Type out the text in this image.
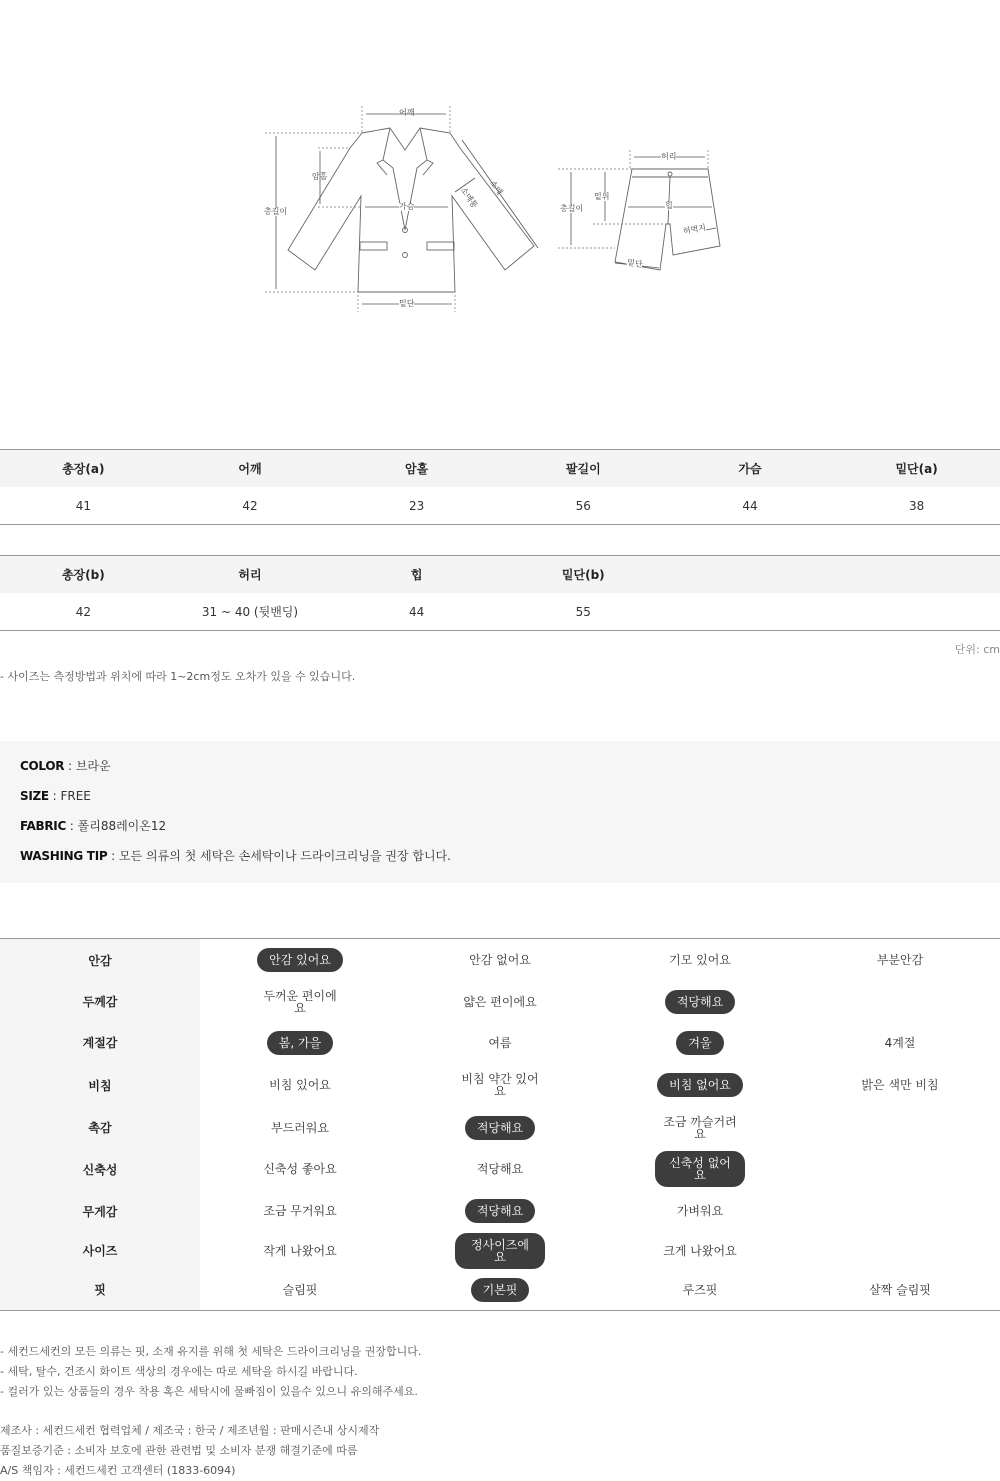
어깨
암홀
소매
소매통
가슴
총길이
밑단
허리
밑위
힙
총길이
허벅지
밑단
총장(a)	어깨	암홀	팔길이	가슴	밑단(a)
41	42	23	56	44	38
총장(b)	허리	힙	밑단(b)
42	31 ~ 40 (뒷밴딩)	44	55
단위: cm
- 사이즈는 측정방법과 위치에 따라 1~2cm정도 오차가 있을 수 있습니다.
COLOR : 브라운
SIZE : FREE
FABRIC : 폴리88레이온12
WASHING TIP : 모든 의류의 첫 세탁은 손세탁이나 드라이크리닝을 권장 합니다.
안감	안감 있어요	안감 없어요	기모 있어요	부분안감
두께감	두꺼운 편이에요	얇은 편이에요	적당해요
계절감	봄, 가을	여름	겨울	4계절
비침	비침 있어요	비침 약간 있어요	비침 없어요	밝은 색만 비침
촉감	부드러워요	적당해요	조금 까슬거려요
신축성	신축성 좋아요	적당해요	신축성 없어요
무게감	조금 무거워요	적당해요	가벼워요
사이즈	작게 나왔어요	정사이즈에요	크게 나왔어요
핏	슬림핏	기본핏	루즈핏	살짝 슬림핏
- 세컨드세컨의 모든 의류는 핏, 소재 유지를 위해 첫 세탁은 드라이크리닝을 권장합니다.
- 세탁, 탈수, 건조시 화이트 색상의 경우에는 따로 세탁을 하시길 바랍니다.
- 컬러가 있는 상품들의 경우 착용 혹은 세탁시에 물빠짐이 있을수 있으니 유의해주세요.
제조사 : 세컨드세컨 협력업체 / 제조국 : 한국 / 제조년월 : 판매시즌내 상시제작
품질보증기준 : 소비자 보호에 관한 관련법 및 소비자 분쟁 해결기준에 따름
A/S 책임자 : 세컨드세컨 고객센터 (1833-6094)
